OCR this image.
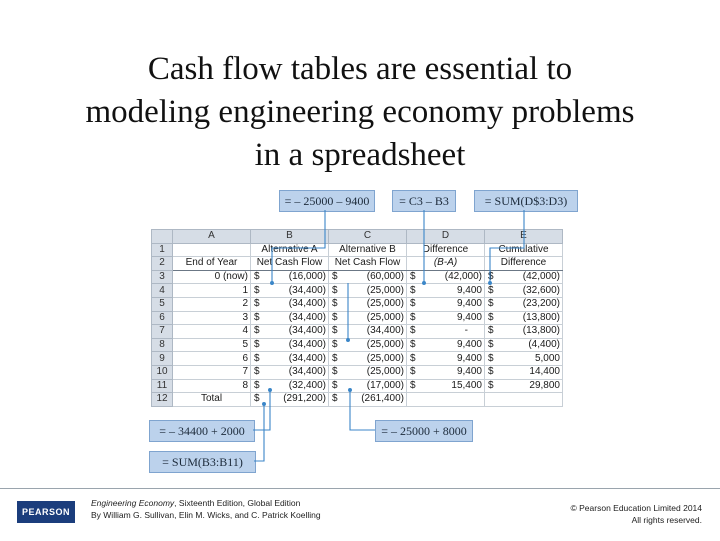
Cash flow tables are essential to
modeling engineering economy problems
in a spreadsheet
= – 25000 – 9400	= C3 – B3	= SUM(D$3:D3)
= – 34400 + 2000	= – 25000 + 8000
= SUM(B3:B11)
	A	B	C	D	E
1		Alternative A	Alternative B	Difference	Cumulative
2	End of Year	Net Cash Flow	Net Cash Flow	(B-A)	Difference
3	0 (now)	$ (16,000)	$ (60,000)	$ (42,000)	$ (42,000)

4	1	$ (34,400)	$ (25,000)	$ 9,400	$ (32,600)

5	2	$ (34,400)	$ (25,000)	$ 9,400	$ (23,200)

6	3	$ (34,400)	$ (25,000)	$ 9,400	$ (13,800)

7	4	$ (34,400)	$ (34,400)	$ -	$ (13,800)

8	5	$ (34,400)	$ (25,000)	$ 9,400	$ (4,400)

9	6	$ (34,400)	$ (25,000)	$ 9,400	$ 5,000

10	7	$ (34,400)	$ (25,000)	$ 9,400	$ 14,400

11	8	$ (32,400)	$ (17,000)	$ 15,400	$ 29,800

12	Total	$ (291,200)	$ (261,400)		

PEARSON
Engineering Economy, Sixteenth Edition, Global Edition
By William G. Sullivan, Elin M. Wicks, and C. Patrick Koelling
© Pearson Education Limited 2014
All rights reserved.
